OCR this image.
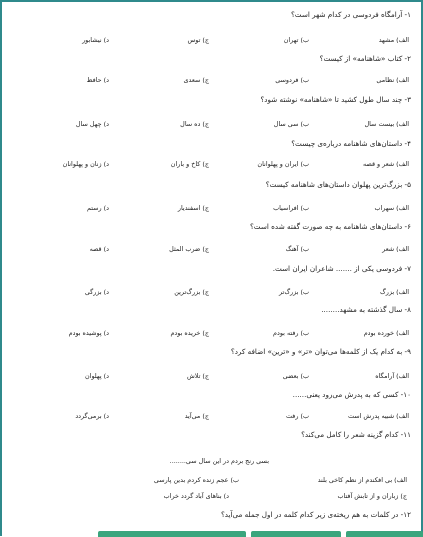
۱- آرامگاه فردوسی در کدام شهر است؟
الف) مشهد
ب) تهران
ج) توس
د) نیشابور
۲- کتاب «شاهنامه» از کیست؟
الف) نظامی
ب) فردوسی
ج) سعدی
د) حافظ
۳- چند سال طول کشید تا «شاهنامه» نوشته شود؟
الف) بیست سال
ب) سی سال
ج) ده سال
د) چهل سال
۴- داستان‌های شاهنامه درباره‌ی چیست؟
الف) شعر و قصه
ب) ایران و پهلوانان
ج) کاخ و باران
د) زنان و پهلوانان
۵- بزرگ‌ترین پهلوان داستان‌های شاهنامه کیست؟
الف) سهراب
ب) افراسیاب
ج) اسفندیار
د) رستم
۶- داستان‌های شاهنامه به چه صورت گفته شده است؟
الف) شعر
ب) آهنگ
ج) ضرب المثل
د) قصه
۷- فردوسی یکی از ....... شاعران ایران است.
الف) بزرگ
ب) بزرگ‌تر
ج) بزرگ‌ترین
د) بزرگی
۸- سال گذشته به مشهد........
الف) خورده بودم
ب) رفته بودم
ج) خریده بودم
د) پوشیده بودم
۹- به کدام یک از کلمه‌ها می‌توان «تر» و «ترین» اضافه کرد؟
الف) آرامگاه
ب) بعضی
ج) تلاش
د) پهلوان
۱۰- کسی که به پدرش می‌رود یعنی......
الف) شبیه پدرش است
ب) رفت
ج) می‌آید
د) برمی‌گردد
۱۱- کدام گزینه شعر را کامل می‌کند؟
بسی رنج بردم در این سال سی........
الف) بی افکندم از نظم کاخی بلند
ب) عجم زنده کردم بدین پارسی
ج) زباران و از تابش آفتاب
د) بناهای آباد گردد خراب
۱۲- در کلمات به هم ریخته‌ی زیر کدام کلمه در اول جمله می‌آید؟
